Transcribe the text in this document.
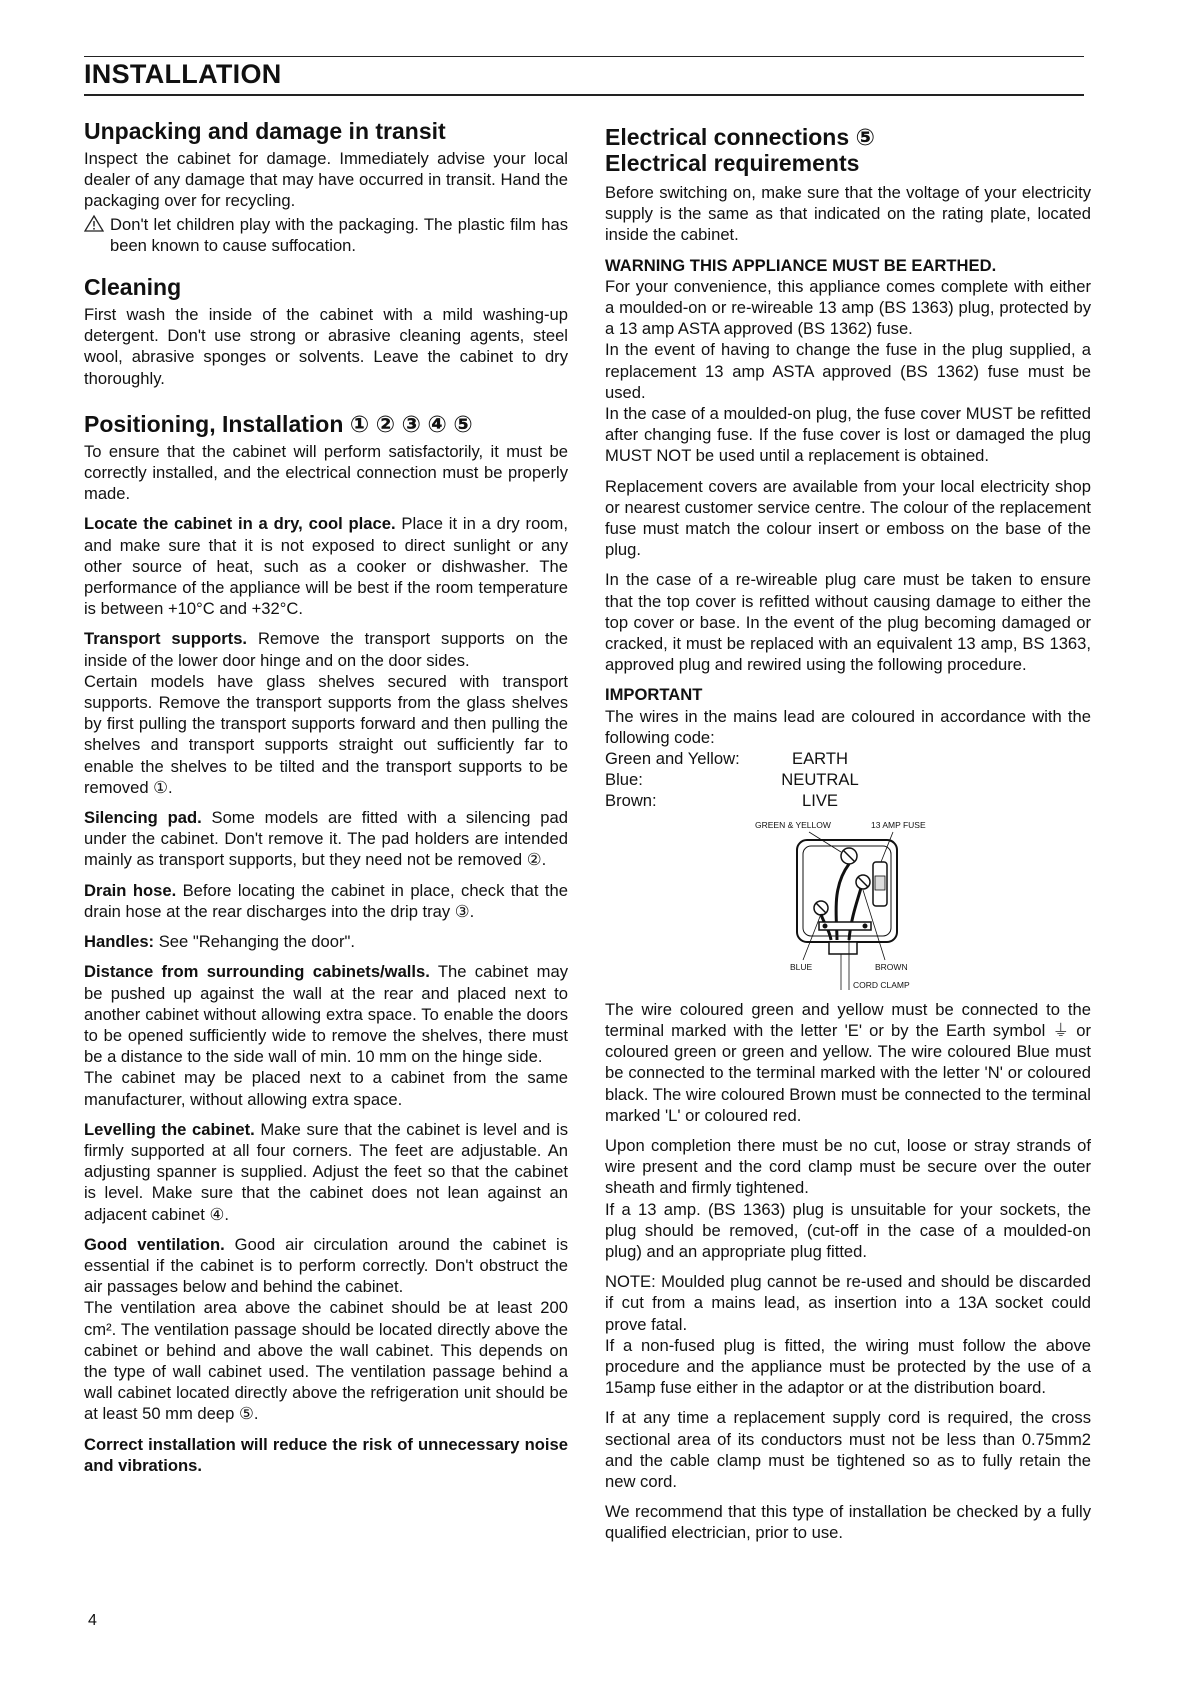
INSTALLATION
Unpacking and damage in transit

Inspect the cabinet for damage. Immediately advise your local dealer of any damage that may have occurred in transit. Hand the packaging over for recycling.

Don't let children play with the packaging. The plastic film has been known to cause suffocation.

Cleaning

First wash the inside of the cabinet with a mild washing-up detergent. Don't use strong or abrasive cleaning agents, steel wool, abrasive sponges or solvents. Leave the cabinet to dry thoroughly.

Positioning, Installation ① ② ③ ④ ⑤

To ensure that the cabinet will perform satisfactorily, it must be correctly installed, and the electrical connection must be properly made.

Locate the cabinet in a dry, cool place. Place it in a dry room, and make sure that it is not exposed to direct sunlight or any other source of heat, such as a cooker or dishwasher. The performance of the appliance will be best if the room temperature is between +10°C and +32°C.

Transport supports. Remove the transport supports on the inside of the lower door hinge and on the door sides.

Certain models have glass shelves secured with transport supports. Remove the transport supports from the glass shelves by first pulling the transport supports forward and then pulling the shelves and transport supports straight out sufficiently far to enable the shelves to be tilted and the transport supports to be removed ①.

Silencing pad. Some models are fitted with a silencing pad under the cabinet. Don't remove it. The pad holders are intended mainly as transport supports, but they need not be removed ②.

Drain hose. Before locating the cabinet in place, check that the drain hose at the rear discharges into the drip tray ③.

Handles: See "Rehanging the door".

Distance from surrounding cabinets/walls. The cabinet may be pushed up against the wall at the rear and placed next to another cabinet without allowing extra space. To enable the doors to be opened sufficiently wide to remove the shelves, there must be a distance to the side wall of min. 10 mm on the hinge side.

The cabinet may be placed next to a cabinet from the same manufacturer, without allowing extra space.

Levelling the cabinet. Make sure that the cabinet is level and is firmly supported at all four corners. The feet are adjustable. An adjusting spanner is supplied. Adjust the feet so that the cabinet is level. Make sure that the cabinet does not lean against an adjacent cabinet ④.

Good ventilation. Good air circulation around the cabinet is essential if the cabinet is to perform correctly. Don't obstruct the air passages below and behind the cabinet.

The ventilation area above the cabinet should be at least 200 cm². The ventilation passage should be located directly above the cabinet or behind and above the wall cabinet. This depends on the type of wall cabinet used. The ventilation passage behind a wall cabinet located directly above the refrigeration unit should be at least 50 mm deep ⑤.

Correct installation will reduce the risk of unnecessary noise and vibrations.

Electrical connections ⑤
Electrical requirements

Before switching on, make sure that the voltage of your electricity supply is the same as that indicated on the rating plate, located inside the cabinet.

WARNING THIS APPLIANCE MUST BE EARTHED.

For your convenience, this appliance comes complete with either a moulded-on or re-wireable 13 amp (BS 1363) plug, protected by a 13 amp ASTA approved (BS 1362) fuse.

In the event of having to change the fuse in the plug supplied, a replacement 13 amp ASTA approved (BS 1362) fuse must be used.

In the case of a moulded-on plug, the fuse cover MUST be refitted after changing fuse. If the fuse cover is lost or damaged the plug MUST NOT be used until a replacement is obtained.

Replacement covers are available from your local electricity shop or nearest customer service centre. The colour of the replacement fuse must match the colour insert or emboss on the base of the plug.

In the case of a re-wireable plug care must be taken to ensure that the top cover is refitted without causing damage to either the top cover or base. In the event of the plug becoming damaged or cracked, it must be replaced with an equivalent 13 amp, BS 1363, approved plug and rewired using the following procedure.

IMPORTANT

The wires in the mains lead are coloured in accordance with the following code:

Green and Yellow:	EARTH
Blue:	NEUTRAL
Brown:	LIVE
GREEN & YELLOW	13 AMP FUSE
BLUE	BROWN
CORD CLAMP

The wire coloured green and yellow must be connected to the terminal marked with the letter 'E' or by the Earth symbol ⏚ or coloured green or green and yellow. The wire coloured Blue must be connected to the terminal marked with the letter 'N' or coloured black. The wire coloured Brown must be connected to the terminal marked 'L' or coloured red.

Upon completion there must be no cut, loose or stray strands of wire present and the cord clamp must be secure over the outer sheath and firmly tightened.

If a 13 amp. (BS 1363) plug is unsuitable for your sockets, the plug should be removed, (cut-off in the case of a moulded-on plug) and an appropriate plug fitted.

NOTE: Moulded plug cannot be re-used and should be discarded if cut from a mains lead, as insertion into a 13A socket could prove fatal.

If a non-fused plug is fitted, the wiring must follow the above procedure and the appliance must be protected by the use of a 15amp fuse either in the adaptor or at the distribution board.

If at any time a replacement supply cord is required, the cross sectional area of its conductors must not be less than 0.75mm2 and the cable clamp must be tightened so as to fully retain the new cord.

We recommend that this type of installation be checked by a fully qualified electrician, prior to use.

4
